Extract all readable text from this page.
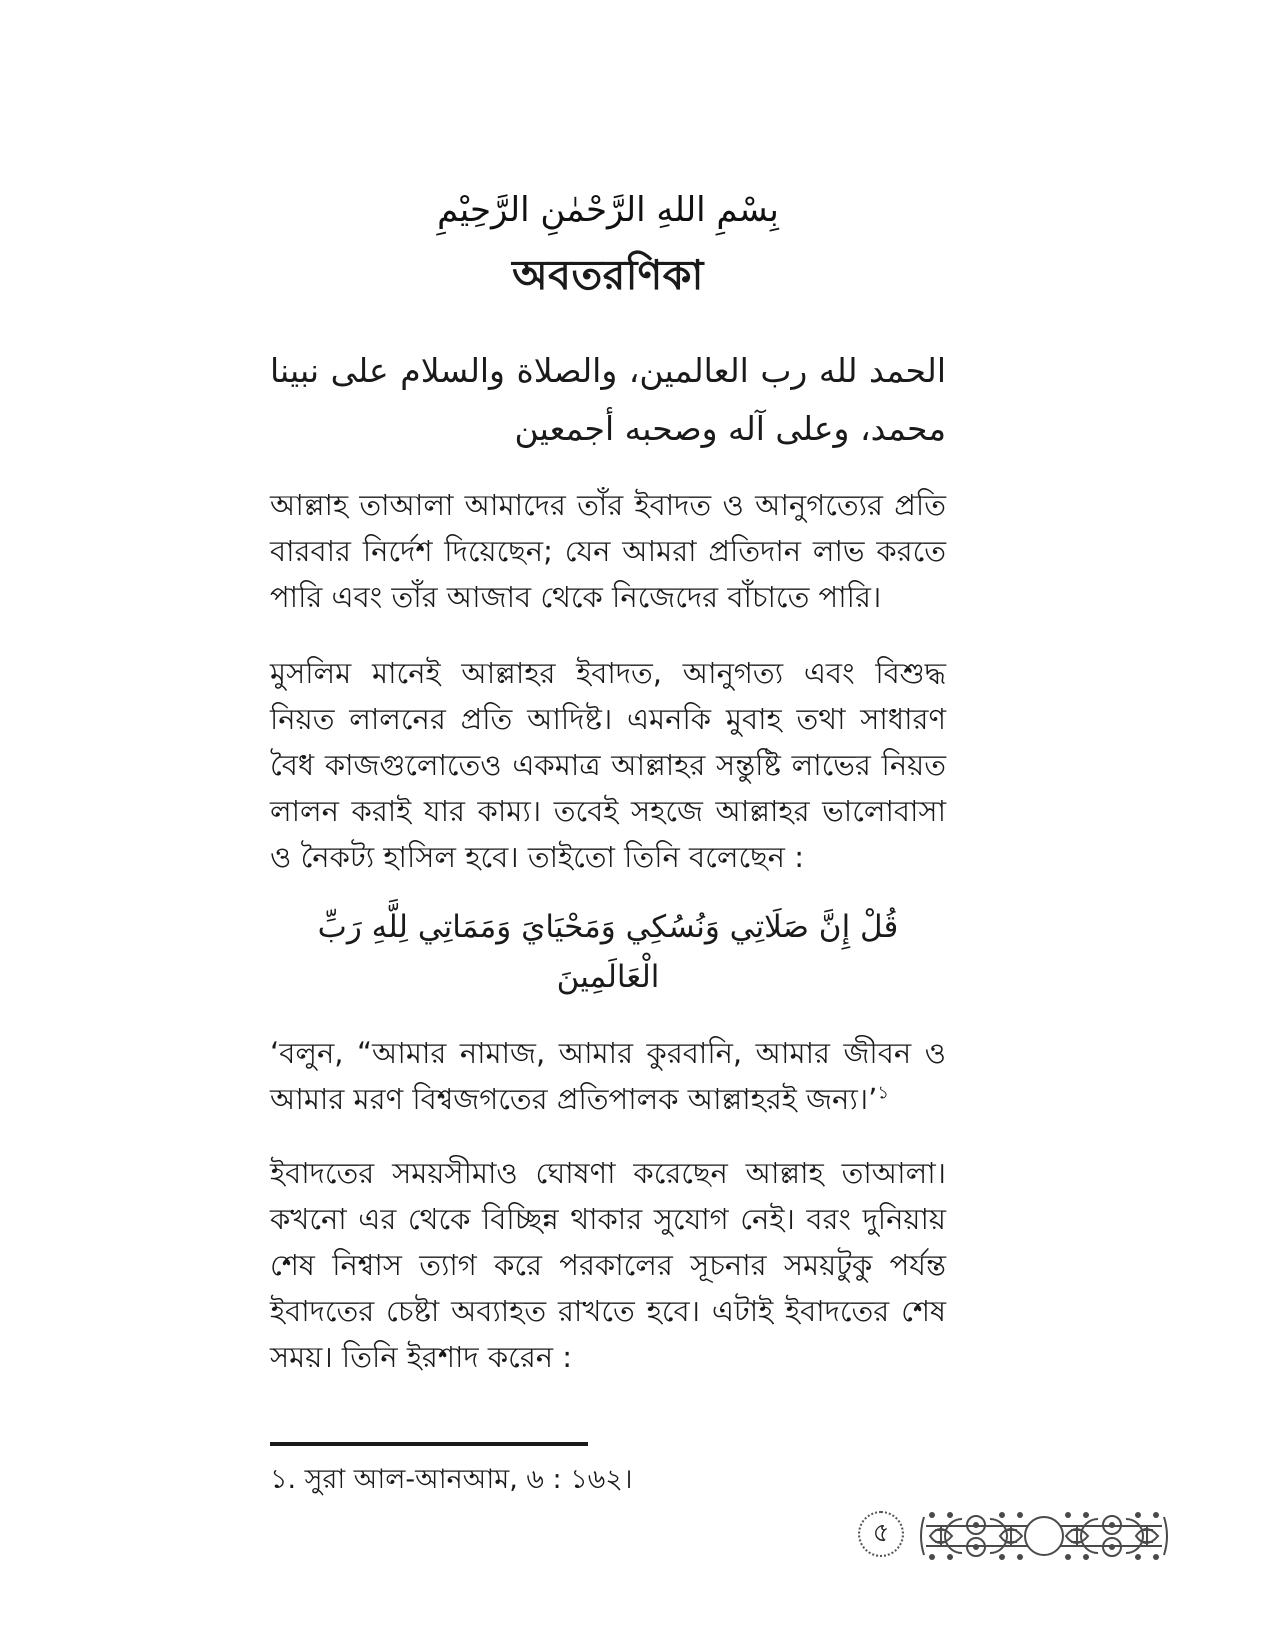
بِسْمِ اللهِ الرَّحْمٰنِ الرَّحِيْمِ
অবতরণিকা
الحمد لله رب العالمين، والصلاة والسلام على نبينا محمد، وعلى آله وصحبه أجمعين

আল্লাহ তাআলা আমাদের তাঁর ইবাদত ও আনুগত্যের প্রতি বারবার নির্দেশ দিয়েছেন; যেন আমরা প্রতিদান লাভ করতে পারি এবং তাঁর আজাব থেকে নিজেদের বাঁচাতে পারি।

মুসলিম মানেই আল্লাহর ইবাদত, আনুগত্য এবং বিশুদ্ধ নিয়ত লালনের প্রতি আদিষ্ট। এমনকি মুবাহ তথা সাধারণ বৈধ কাজগুলোতেও একমাত্র আল্লাহর সন্তুষ্টি লাভের নিয়ত লালন করাই যার কাম্য। তবেই সহজে আল্লাহর ভালোবাসা ও নৈকট্য হাসিল হবে। তাইতো তিনি বলেছেন :

قُلْ إِنَّ صَلَاتِي وَنُسُكِي وَمَحْيَايَ وَمَمَاتِي لِلَّهِ رَبِّ الْعَالَمِينَ

‘বলুন, “আমার নামাজ, আমার কুরবানি, আমার জীবন ও আমার মরণ বিশ্বজগতের প্রতিপালক আল্লাহরই জন্য।’$^১$

ইবাদতের সময়সীমাও ঘোষণা করেছেন আল্লাহ তাআলা। কখনো এর থেকে বিচ্ছিন্ন থাকার সুযোগ নেই। বরং দুনিয়ায় শেষ নিশ্বাস ত্যাগ করে পরকালের সূচনার সময়টুকু পর্যন্ত ইবাদতের চেষ্টা অব্যাহত রাখতে হবে। এটাই ইবাদতের শেষ সময়। তিনি ইরশাদ করেন :

১. সুরা আল-আনআম, ৬ : ১৬২।

৫
